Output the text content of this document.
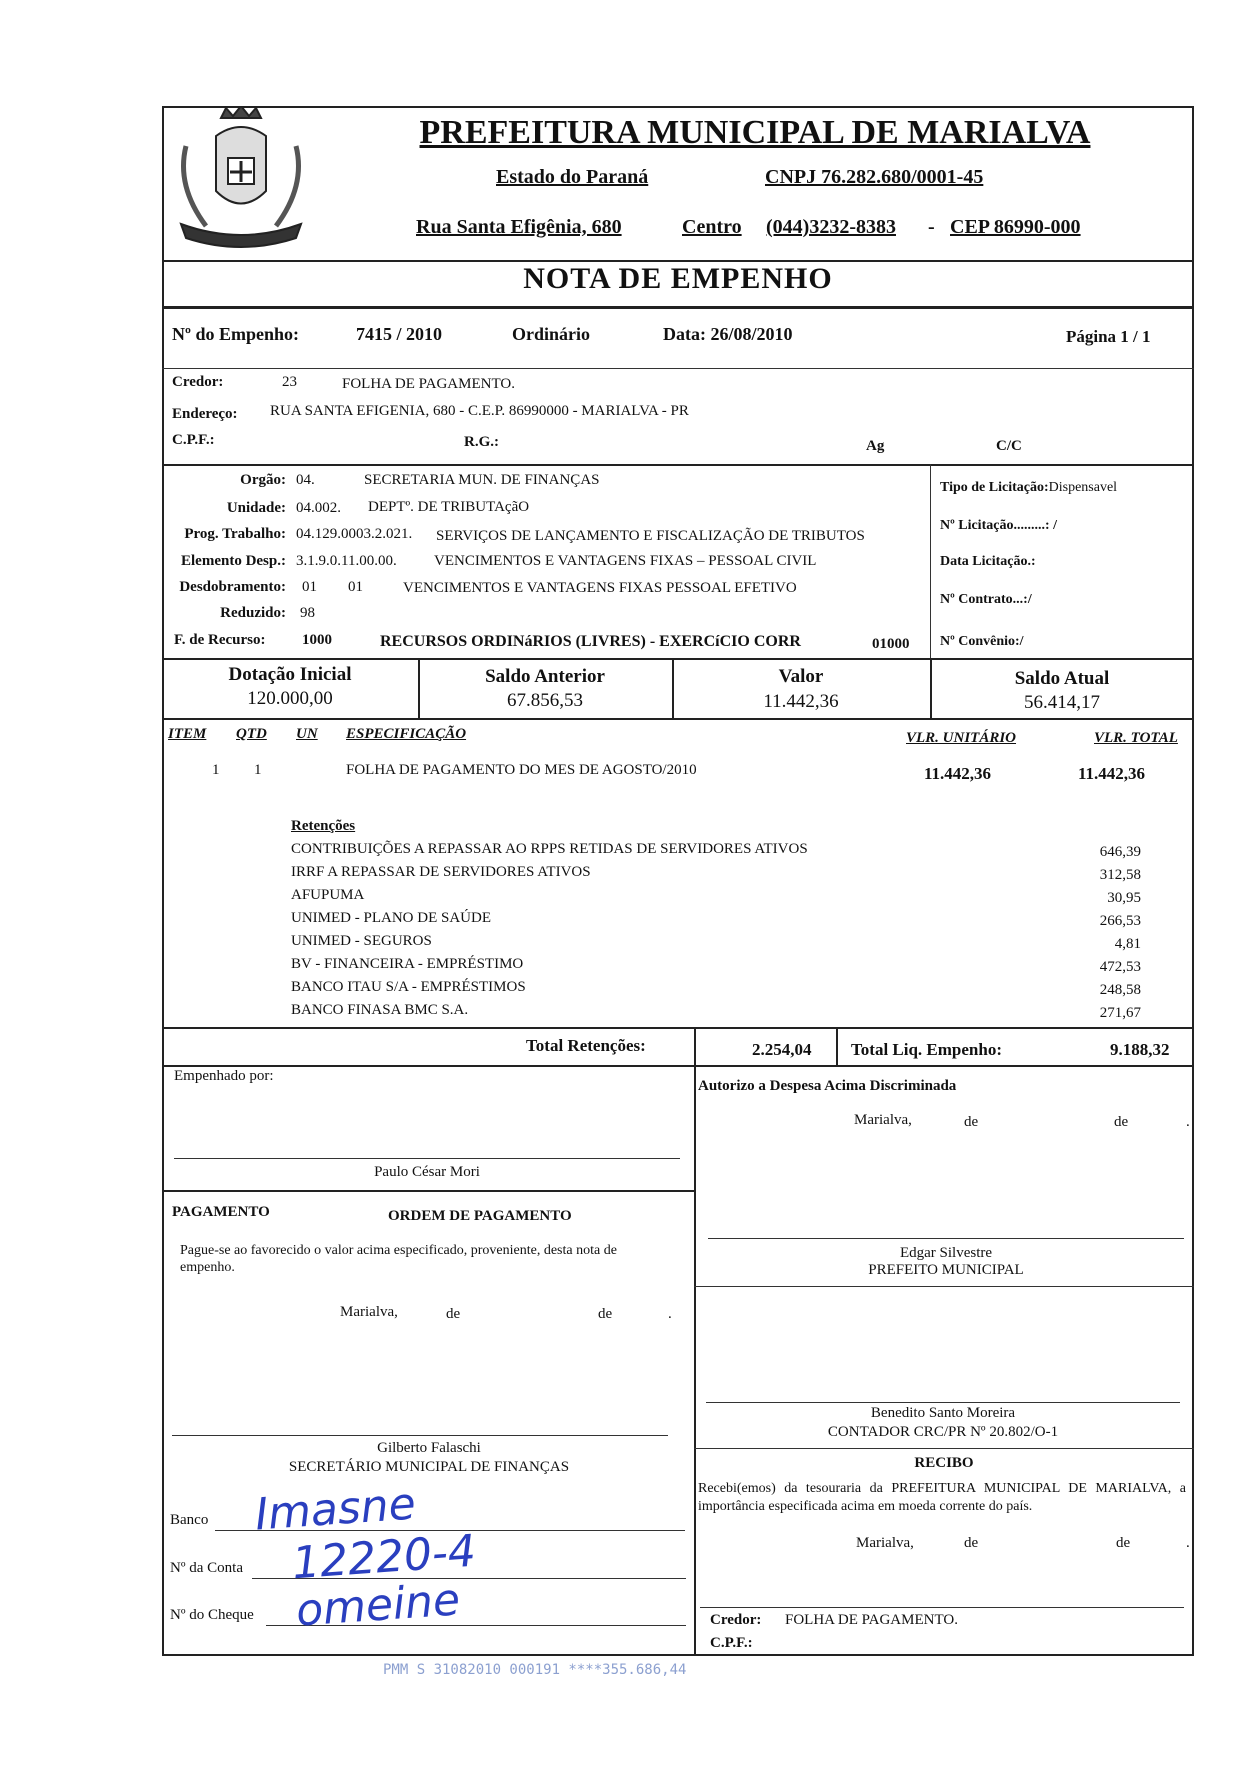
PREFEITURA MUNICIPAL DE MARIALVA
Estado do Paraná	CNPJ 76.282.680/0001-45
Rua Santa Efigênia, 680	Centro (044)3232-8383 - CEP 86990-000
NOTA DE EMPENHO
Nº do Empenho:	7415 / 2010	Ordinário	Data: 26/08/2010	Página 1 / 1
Credor:	23	FOLHA DE PAGAMENTO.
Endereço: RUA SANTA EFIGENIA, 680 - C.E.P. 86990000 - MARIALVA - PR
C.P.F.:	R.G.:	Ag	C/C
Orgão: 04.	SECRETARIA MUN. DE FINANÇAS
Unidade: 04.002. DEPTº. DE TRIBUTAçãO
Prog. Trabalho: 04.129.0003.2.021. SERVIÇOS DE LANÇAMENTO E FISCALIZAÇÃO DE TRIBUTOS
Elemento Desp.: 3.1.9.0.11.00.00. VENCIMENTOS E VANTAGENS FIXAS – PESSOAL CIVIL
Desdobramento: 01 01	VENCIMENTOS E VANTAGENS FIXAS PESSOAL EFETIVO
Reduzido: 98
F. de Recurso: 1000	RECURSOS ORDINáRIOS (LIVRES) - EXERCíCIO CORR	01000
Tipo de Licitação:Dispensavel
Nº Licitação.........: /
Data Licitação.:
Nº Contrato...:/
Nº Convênio:/
Dotação Inicial
120.000,00
Saldo Anterior
67.856,53
Valor
11.442,36
Saldo Atual
56.414,17
ITEM QTD UN ESPECIFICAÇÃO	VLR. UNITÁRIO	VLR. TOTAL
1 1	FOLHA DE PAGAMENTO DO MES DE AGOSTO/2010	11.442,36	11.442,36
Retenções
CONTRIBUIÇÕES A REPASSAR AO RPPS RETIDAS DE SERVIDORES ATIVOS	646,39
IRRF A REPASSAR DE SERVIDORES ATIVOS	312,58
AFUPUMA	30,95
UNIMED - PLANO DE SAÚDE	266,53
UNIMED - SEGUROS	4,81
BV - FINANCEIRA - EMPRÉSTIMO	472,53
BANCO ITAU S/A - EMPRÉSTIMOS	248,58
BANCO FINASA BMC S.A.	271,67
Total Retenções:	2.254,04 Total Liq. Empenho:	9.188,32
Empenhado por:
Paulo César Mori
Autorizo a Despesa Acima Discriminada
Marialva,	de	de	.
Edgar Silvestre
PREFEITO MUNICIPAL
PAGAMENTO	ORDEM DE PAGAMENTO
Pague-se ao favorecido o valor acima especificado, proveniente, desta nota de empenho.
Marialva,	de	de	.
Gilberto Falaschi
SECRETÁRIO MUNICIPAL DE FINANÇAS
Benedito Santo Moreira
CONTADOR CRC/PR Nº 20.802/O-1
RECIBO
Recebi(emos) da tesouraria da PREFEITURA MUNICIPAL DE MARIALVA, a importância especificada acima em moeda corrente do país.
Marialva,	de	de	.
Credor: FOLHA DE PAGAMENTO.
C.P.F.:
Banco Imasne
Nº da Conta 12220-4
Nº do Cheque omeine
PMM S 31082010 000191 ****355.686,44
